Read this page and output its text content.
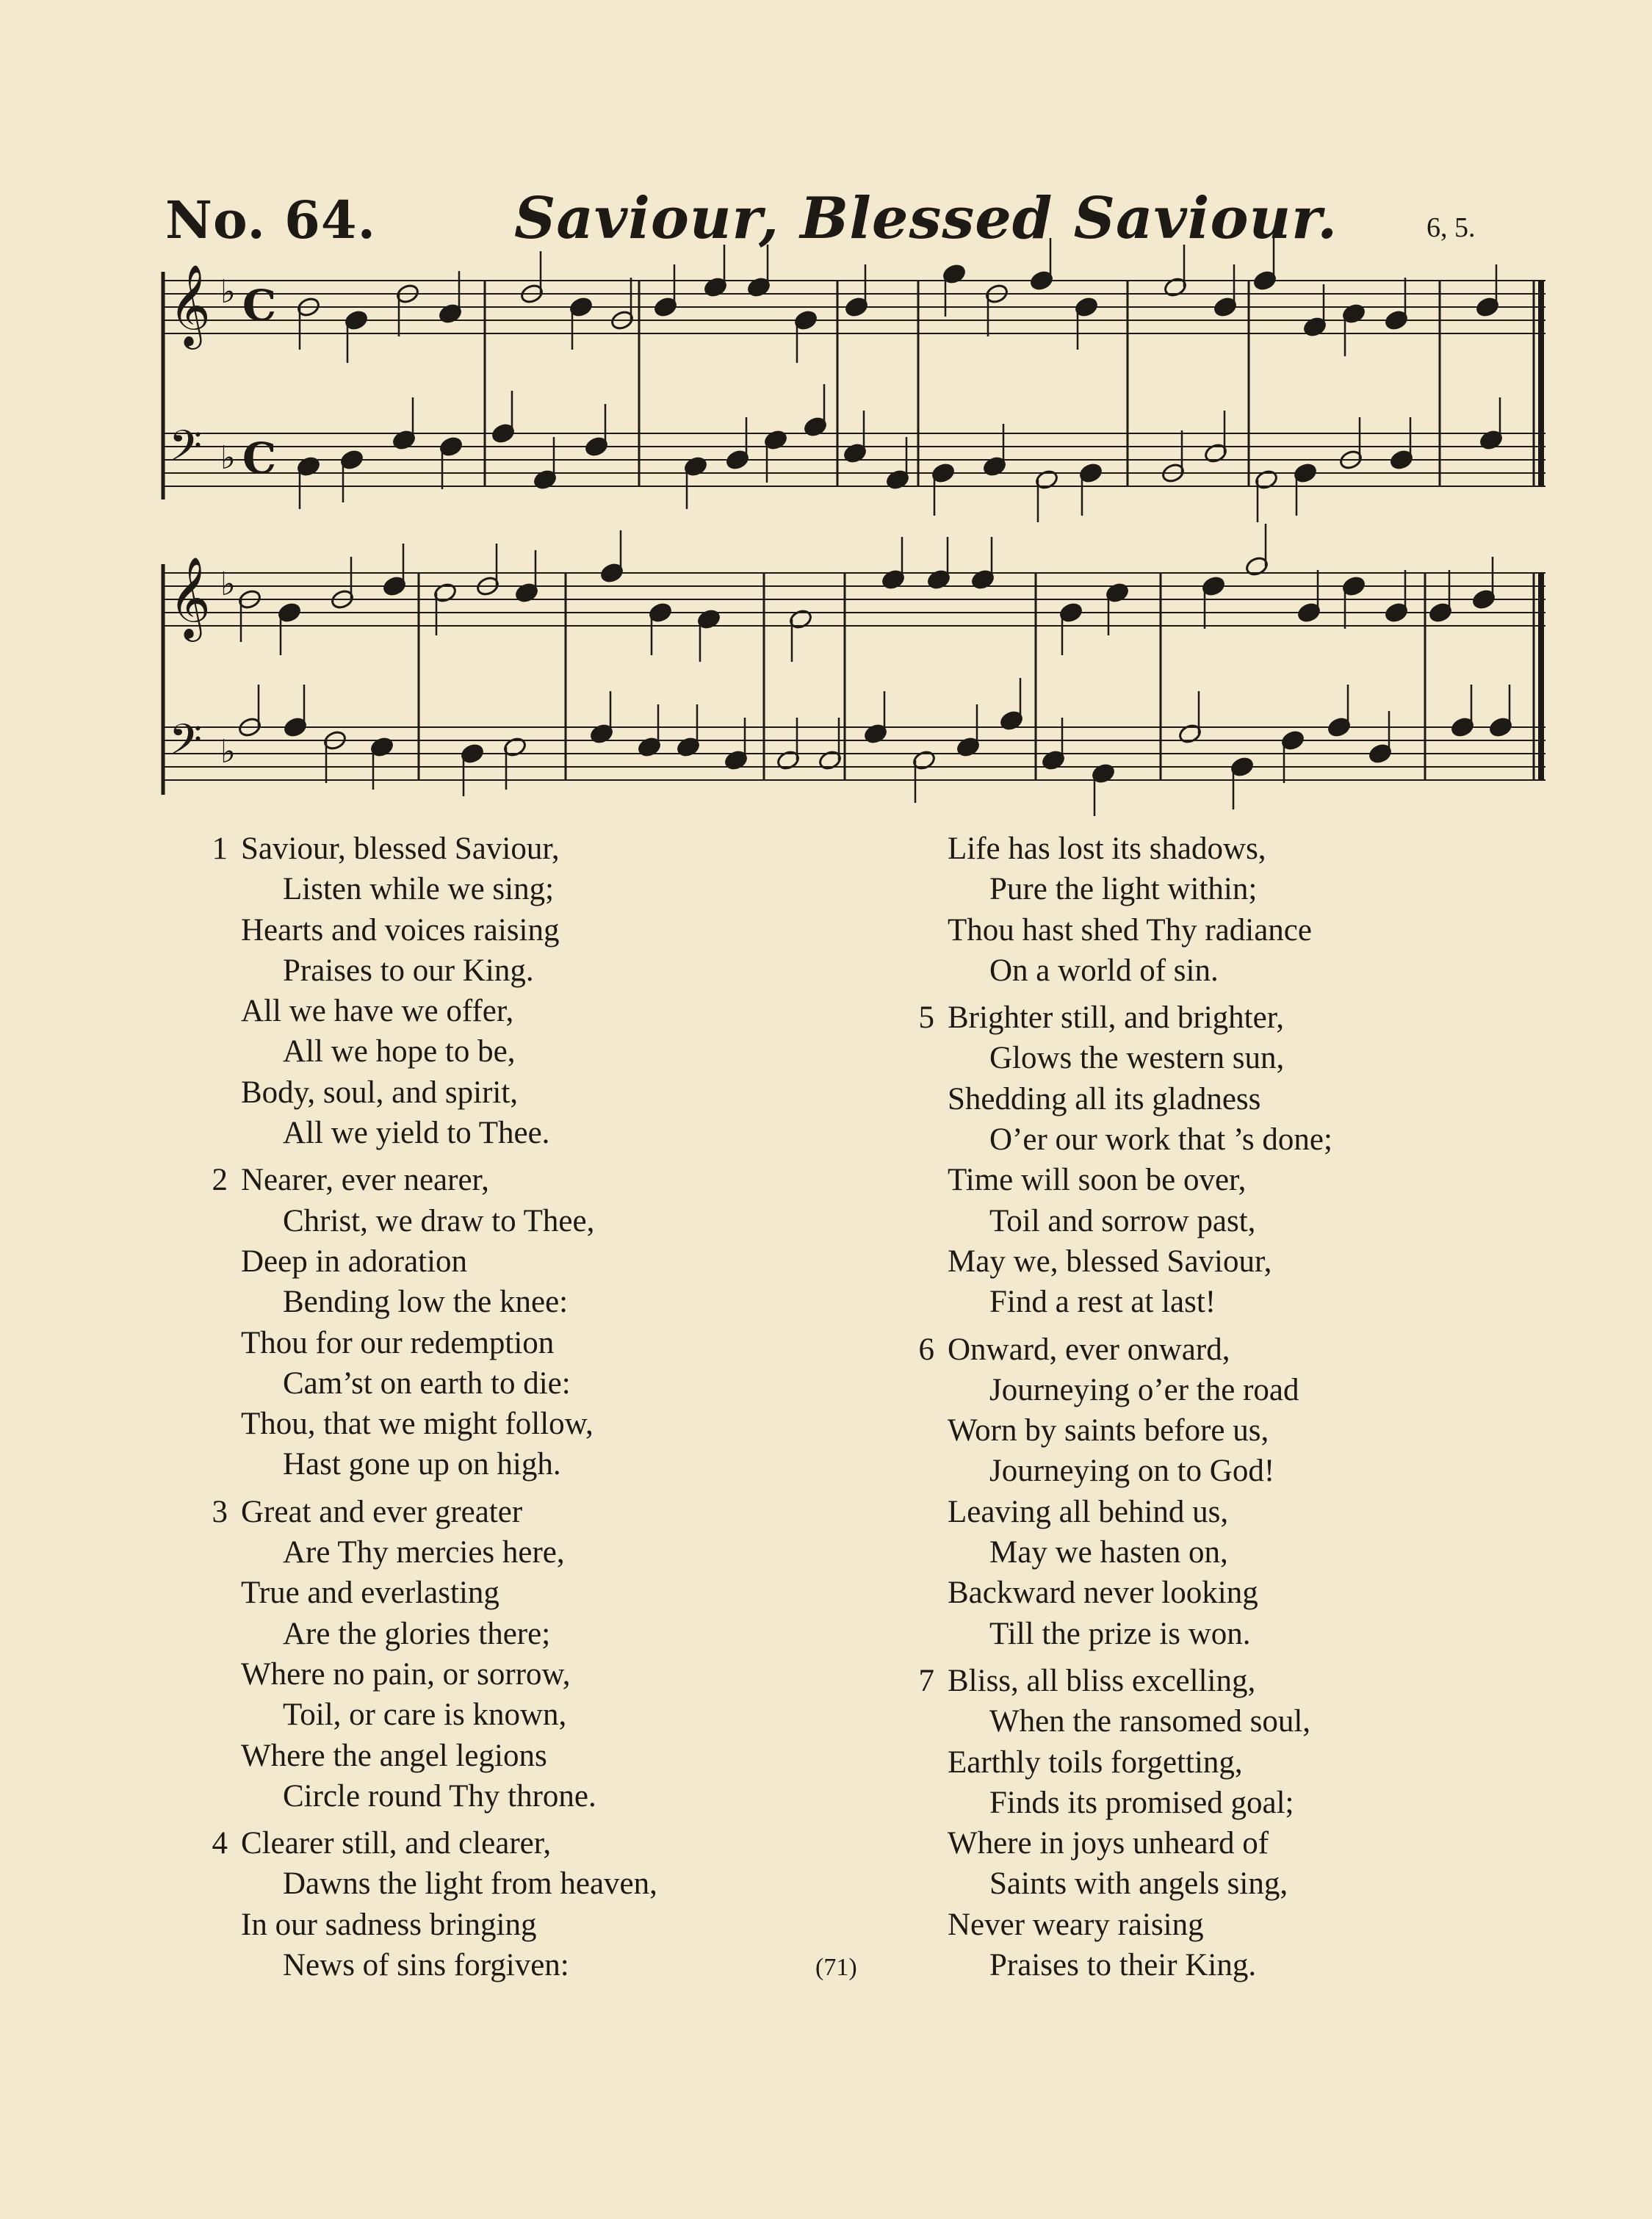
No. 64. Saviour, Blessed Saviour.	6, 5.
𝄞 ♭ C
𝄢 ♭ C
𝄞 ♭
𝄢 ♭
1 Saviour, blessed Saviour,
Listen while we sing;
Hearts and voices raising
Praises to our King.
All we have we offer,
All we hope to be,
Body, soul, and spirit,
All we yield to Thee.
2 Nearer, ever nearer,
Christ, we draw to Thee,
Deep in adoration
Bending low the knee:
Thou for our redemption
Cam’st on earth to die:
Thou, that we might follow,
Hast gone up on high.
3 Great and ever greater
Are Thy mercies here,
True and everlasting
Are the glories there;
Where no pain, or sorrow,
Toil, or care is known,
Where the angel legions
Circle round Thy throne.
4 Clearer still, and clearer,
Dawns the light from heaven,
In our sadness bringing
News of sins forgiven:
Life has lost its shadows,
Pure the light within;
Thou hast shed Thy radiance
On a world of sin.
5 Brighter still, and brighter,
Glows the western sun,
Shedding all its gladness
O’er our work that ’s done;
Time will soon be over,
Toil and sorrow past,
May we, blessed Saviour,
Find a rest at last!
6 Onward, ever onward,
Journeying o’er the road
Worn by saints before us,
Journeying on to God!
Leaving all behind us,
May we hasten on,
Backward never looking
Till the prize is won.
7 Bliss, all bliss excelling,
When the ransomed soul,
Earthly toils forgetting,
Finds its promised goal;
Where in joys unheard of
Saints with angels sing,
Never weary raising
Praises to their King.
(71)
